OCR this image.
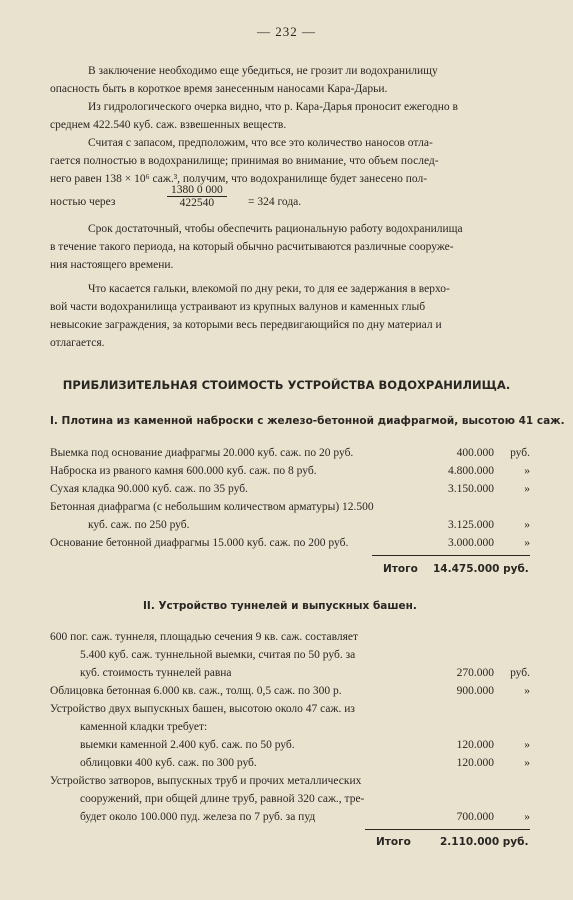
— 232 —
В заключение необходимо еще убедиться, не грозит ли водохранилищу
опасность быть в короткое время занесенным наносами Кара-Дарьи.
Из гидрологического очерка видно, что р. Кара-Дарья проносит ежегодно в
среднем 422.540 куб. саж. взвешенных веществ.
Считая с запасом, предположим, что все это количество наносов отла-
гается полностью в водохранилище; принимая во внимание, что объем послед-
него равен 138 × 10⁶ саж.³, получим, что водохранилище будет занесено пол-
ностью через	$\frac{1380 0 000}{422540} = 324$ года.
Срок достаточный, чтобы обеспечить рациональную работу водохранилища
в течение такого периода, на который обычно расчитываются различные сооруже-
ния настоящего времени.
Что касается гальки, влекомой по дну реки, то для ее задержания в верхо-
вой части водохранилища устраивают из крупных валунов и каменных глыб
невысокие заграждения, за которыми весь передвигающийся по дну материал и
отлагается.
ПРИБЛИЗИТЕЛЬНАЯ СТОИМОСТЬ УСТРОЙСТВА ВОДОХРАНИЛИЩА.
I. Плотина из каменной наброски с железо-бетонной диафрагмой, высотою 41 саж.
Выемка под основание диафрагмы 20.000 куб. саж. по 20 руб.	400.000 руб.
Наброска из рваного камня 600.000 куб. саж. по 8 руб.	4.800.000	»
Сухая кладка 90.000 куб. саж. по 35 руб.	3.150.000	»
Бетонная диафрагма (с небольшим количеством арматуры) 12.500
куб. саж. по 250 руб.	3.125.000	»
Основание бетонной диафрагмы 15.000 куб. саж. по 200 руб.	3.000.000	»
Итого 14.475.000 руб.
II. Устройство туннелей и выпускных башен.
600 пог. саж. туннеля, площадью сечения 9 кв. саж. составляет
5.400 куб. саж. туннельной выемки, считая по 50 руб. за
куб. стоимость туннелей равна	270.000 руб.
Облицовка бетонная 6.000 кв. саж., толщ. 0,5 саж. по 300 р.	900.000	»
Устройство двух выпускных башен, высотою около 47 саж. из
каменной кладки требует:
выемки каменной 2.400 куб. саж. по 50 руб.	120.000	»
облицовки 400 куб. саж. по 300 руб.	120.000	»
Устройство затворов, выпускных труб и прочих металлических
сооружений, при общей длине труб, равной 320 саж., тре-
будет около 100.000 пуд. железа по 7 руб. за пуд	700.000	»
Итого	2.110.000 руб.
